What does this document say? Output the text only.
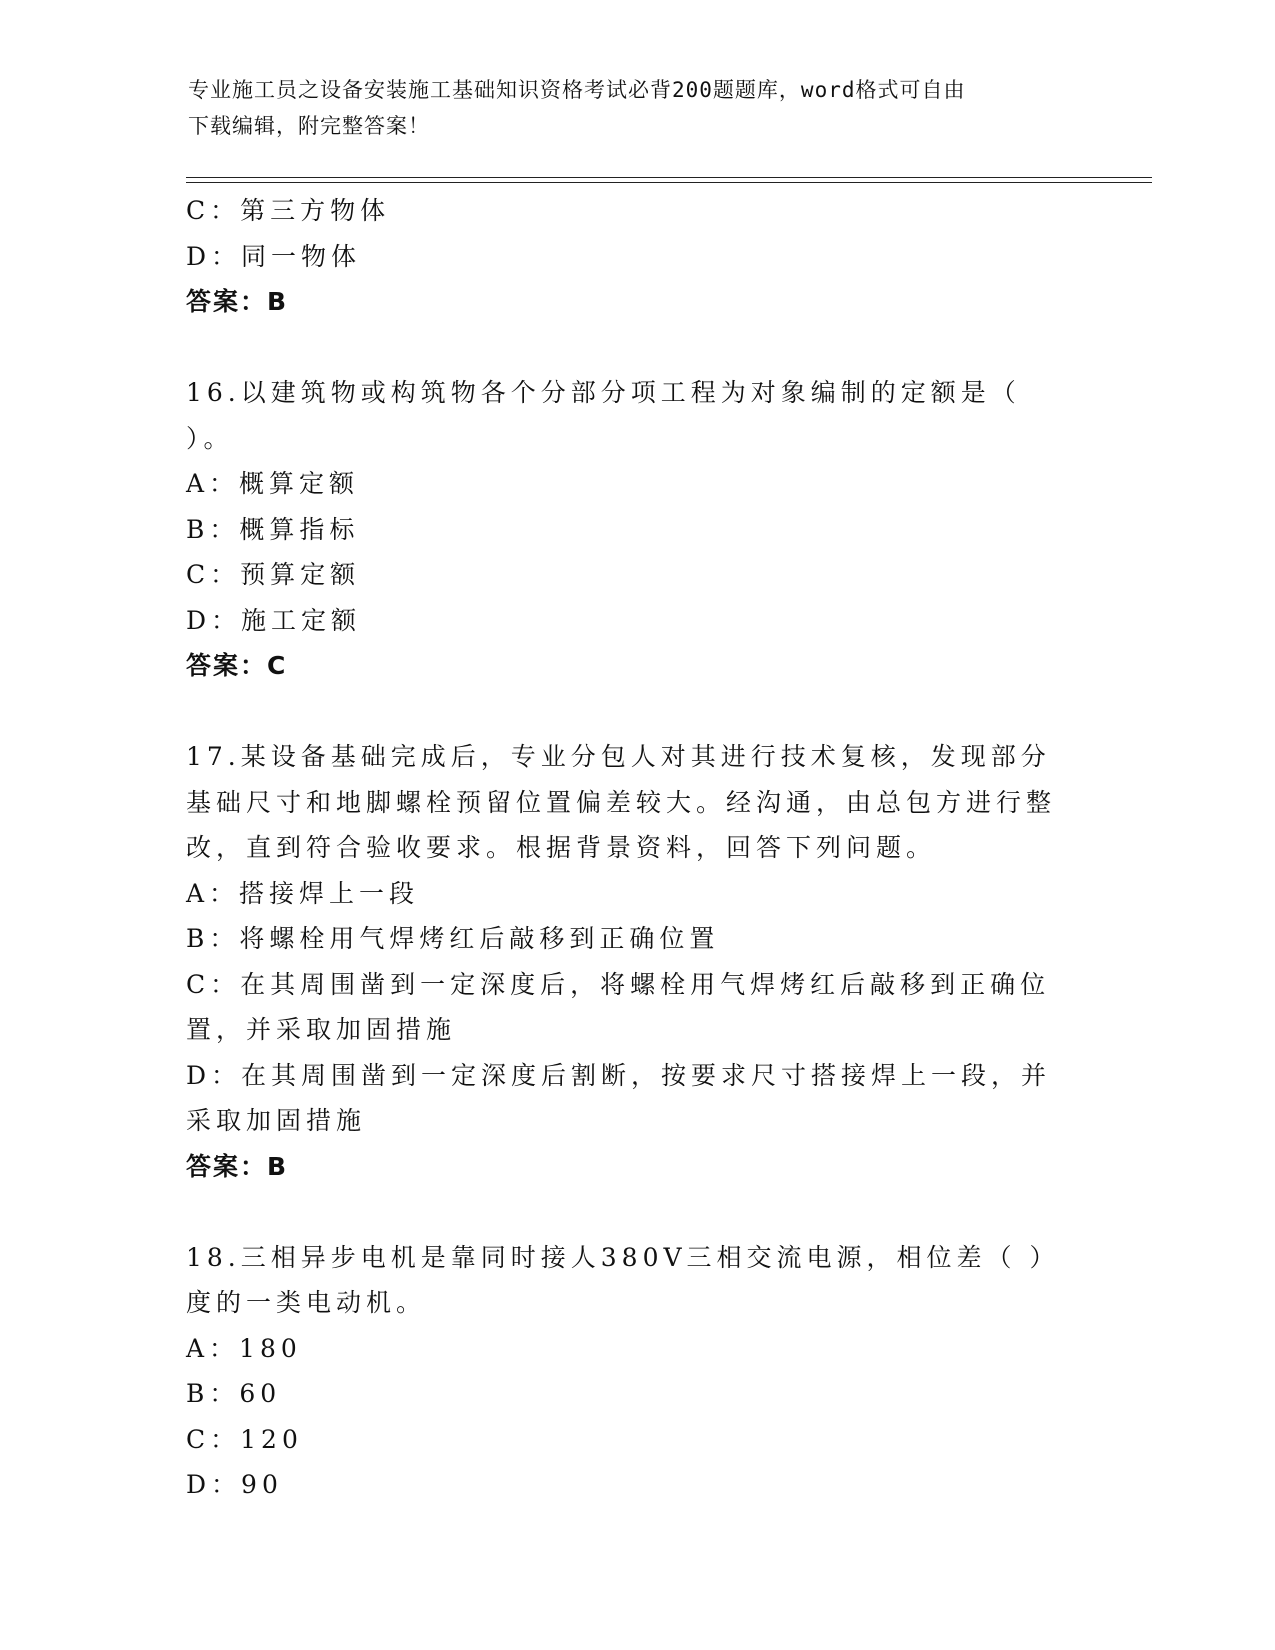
专业施工员之设备安装施工基础知识资格考试必背200题题库，word格式可自由
下载编辑，附完整答案！
C：第三方物体
D：同一物体
答案：B
16.以建筑物或构筑物各个分部分项工程为对象编制的定额是（ ）。
A：概算定额
B：概算指标
C：预算定额
D：施工定额
答案：C
17.某设备基础完成后，专业分包人对其进行技术复核，发现部分基础尺寸和地脚螺栓预留位置偏差较大。经沟通，由总包方进行整改，直到符合验收要求。根据背景资料，回答下列问题。
A：搭接焊上一段
B：将螺栓用气焊烤红后敲移到正确位置
C：在其周围凿到一定深度后，将螺栓用气焊烤红后敲移到正确位置，并采取加固措施
D：在其周围凿到一定深度后割断，按要求尺寸搭接焊上一段，并采取加固措施
答案：B
18.三相异步电机是靠同时接人380V三相交流电源，相位差（ ）度的一类电动机。
A：180
B：60
C：120
D：90
